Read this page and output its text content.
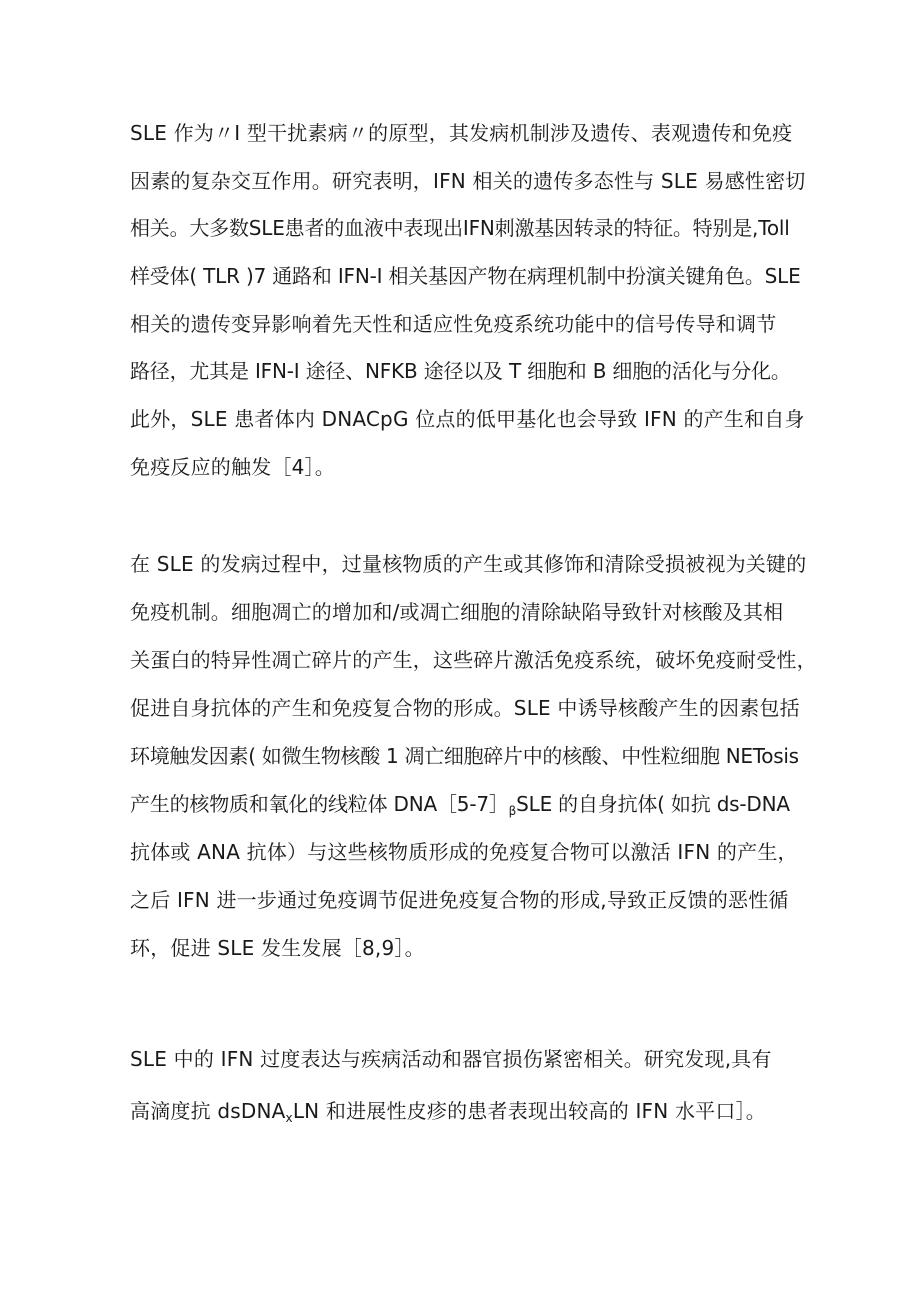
SLE 作为〃I 型干扰素病〃的原型，其发病机制涉及遗传、表观遗传和免疫
因素的复杂交互作用。研究表明，IFN 相关的遗传多态性与 SLE 易感性密切
相关。大多数SLE患者的血液中表现出IFN刺激基因转录的特征。特别是,Toll
样受体( TLR )7 通路和 IFN-I 相关基因产物在病理机制中扮演关键角色。SLE
相关的遗传变异影响着先天性和适应性免疫系统功能中的信号传导和调节
路径，尤其是 IFN-I 途径、NFKB 途径以及 T 细胞和 B 细胞的活化与分化。
此外，SLE 患者体内 DNACpG 位点的低甲基化也会导致 IFN 的产生和自身
免疫反应的触发［4］。
在 SLE 的发病过程中，过量核物质的产生或其修饰和清除受损被视为关键的
免疫机制。细胞凋亡的增加和/或凋亡细胞的清除缺陷导致针对核酸及其相
关蛋白的特异性凋亡碎片的产生，这些碎片激活免疫系统，破坏免疫耐受性，
促进自身抗体的产生和免疫复合物的形成。SLE 中诱导核酸产生的因素包括
环境触发因素( 如微生物核酸 1 凋亡细胞碎片中的核酸、中性粒细胞 NETosis
产生的核物质和氧化的线粒体 $DNA[5-7]_\beta SLE$ 的自身抗体( 如抗 ds-DNA
抗体或 ANA 抗体）与这些核物质形成的免疫复合物可以激活 IFN 的产生，
之后 IFN 进一步通过免疫调节促进免疫复合物的形成,导致正反馈的恶性循
环，促进 SLE 发生发展［8,9］。
SLE 中的 IFN 过度表达与疾病活动和器官损伤紧密相关。研究发现,具有
高滴度抗 dsDNA$_x$LN 和进展性皮疹的患者表现出较高的 IFN 水平口］。
